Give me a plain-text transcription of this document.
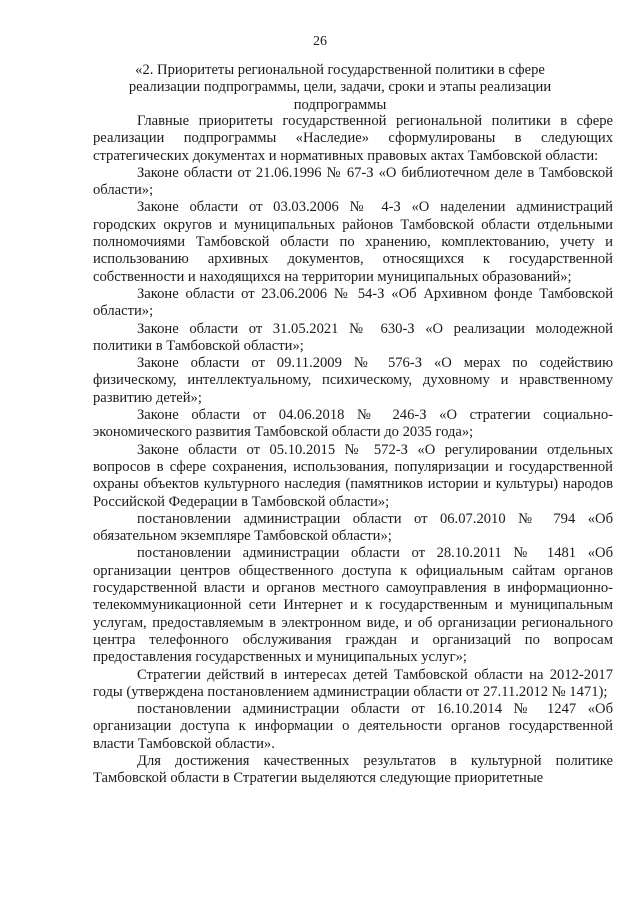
26
«2. Приоритеты региональной государственной политики в сфере реализации подпрограммы, цели, задачи, сроки и этапы реализации подпрограммы

Главные приоритеты государственной региональной политики в сфере реализации подпрограммы «Наследие» сформулированы в следующих стратегических документах и нормативных правовых актах Тамбовской области:

Законе области от 21.06.1996 № 67-З «О библиотечном деле в Тамбовской области»;

Законе области от 03.03.2006 № 4-З «О наделении администраций городских округов и муниципальных районов Тамбовской области отдельными полномочиями Тамбовской области по хранению, комплектованию, учету и использованию архивных документов, относящихся к государственной собственности и находящихся на территории муниципальных образований»;

Законе области от 23.06.2006 № 54-З «Об Архивном фонде Тамбовской области»;

Законе области от 31.05.2021 № 630-З «О реализации молодежной политики в Тамбовской области»;

Законе области от 09.11.2009 № 576-З «О мерах по содействию физическому, интеллектуальному, психическому, духовному и нравственному развитию детей»;

Законе области от 04.06.2018 № 246-З «О стратегии социально-экономического развития Тамбовской области до 2035 года»;

Законе области от 05.10.2015 № 572-З «О регулировании отдельных вопросов в сфере сохранения, использования, популяризации и государственной охраны объектов культурного наследия (памятников истории и культуры) народов Российской Федерации в Тамбовской области»;

постановлении администрации области от 06.07.2010 № 794 «Об обязательном экземпляре Тамбовской области»;

постановлении администрации области от 28.10.2011 № 1481 «Об организации центров общественного доступа к официальным сайтам органов государственной власти и органов местного самоуправления в информационно-телекоммуникационной сети Интернет и к государственным и муниципальным услугам, предоставляемым в электронном виде, и об организации регионального центра телефонного обслуживания граждан и организаций по вопросам предоставления государственных и муниципальных услуг»;

Стратегии действий в интересах детей Тамбовской области на 2012-2017 годы (утверждена постановлением администрации области от 27.11.2012 № 1471);

постановлении администрации области от 16.10.2014 № 1247 «Об организации доступа к информации о деятельности органов государственной власти Тамбовской области».

Для достижения качественных результатов в культурной политике Тамбовской области в Стратегии выделяются следующие приоритетные
